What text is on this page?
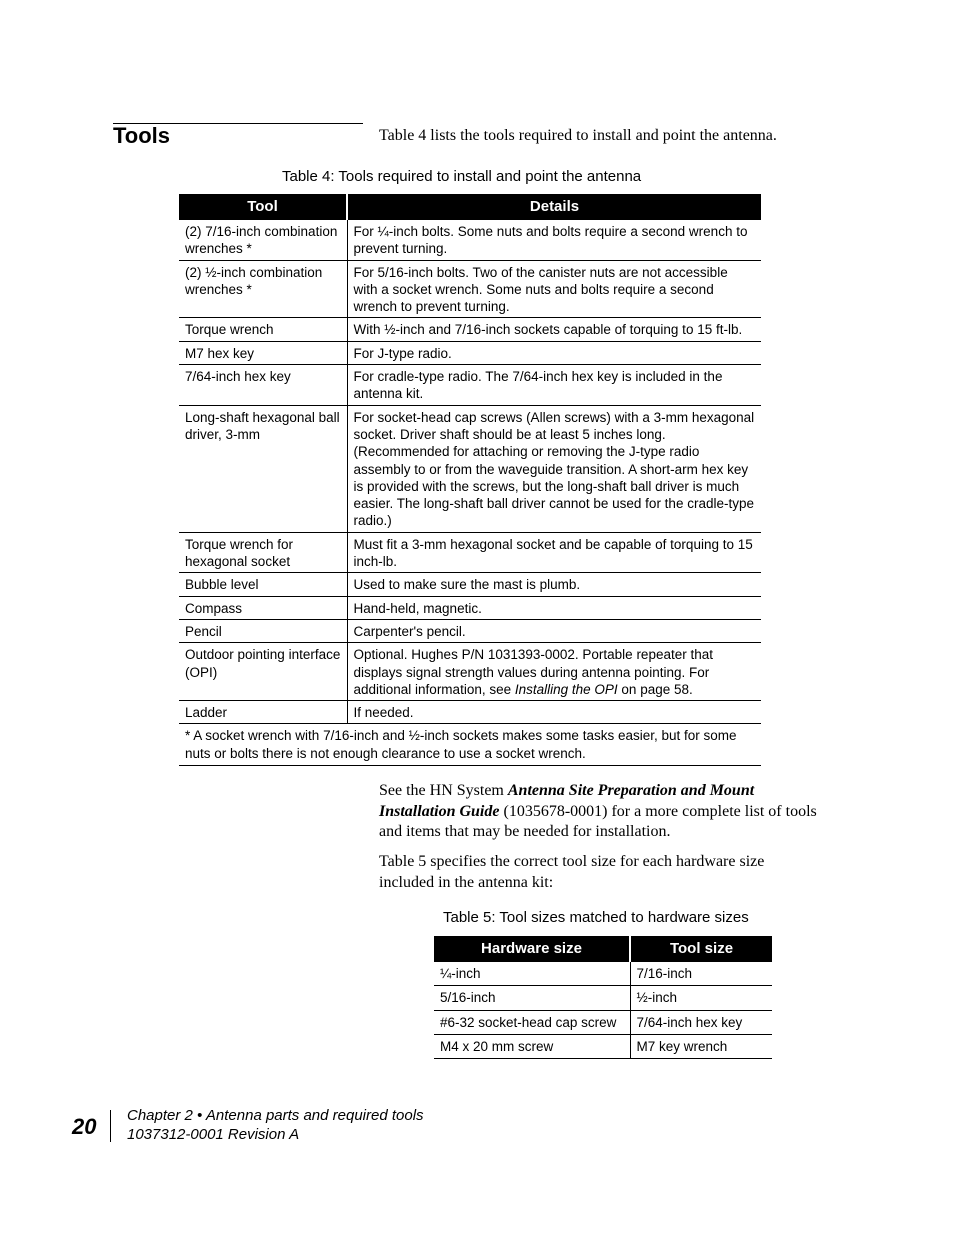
Tools	Table 4 lists the tools required to install and point the antenna.

Table 4: Tools required to install and point the antenna

Tool	Details
(2) 7/16-inch combination wrenches *	For ¼-inch bolts. Some nuts and bolts require a second wrench to prevent turning.
(2) ½-inch combination wrenches *	For 5/16-inch bolts. Two of the canister nuts are not accessible with a socket wrench. Some nuts and bolts require a second wrench to prevent turning.
Torque wrench	With ½-inch and 7/16-inch sockets capable of torquing to 15 ft-lb.
M7 hex key	For J-type radio.
7/64-inch hex key	For cradle-type radio. The 7/64-inch hex key is included in the antenna kit.
Long-shaft hexagonal ball driver, 3-mm	For socket-head cap screws (Allen screws) with a 3-mm hexagonal socket. Driver shaft should be at least 5 inches long. (Recommended for attaching or removing the J-type radio assembly to or from the waveguide transition. A short-arm hex key is provided with the screws, but the long-shaft ball driver is much easier. The long-shaft ball driver cannot be used for the cradle-type radio.)
Torque wrench for hexagonal socket	Must fit a 3-mm hexagonal socket and be capable of torquing to 15 inch-lb.
Bubble level	Used to make sure the mast is plumb.
Compass	Hand-held, magnetic.
Pencil	Carpenter's pencil.
Outdoor pointing interface (OPI)	Optional. Hughes P/N 1031393-0002. Portable repeater that displays signal strength values during antenna pointing. For additional information, see Installing the OPI on page 58.
Ladder	If needed.
* A socket wrench with 7/16-inch and ½-inch sockets makes some tasks easier, but for some nuts or bolts there is not enough clearance to use a socket wrench.	

See the HN System Antenna Site Preparation and Mount Installation Guide (1035678-0001) for a more complete list of tools and items that may be needed for installation.

Table 5 specifies the correct tool size for each hardware size included in the antenna kit:

Table 5: Tool sizes matched to hardware sizes

Hardware size	Tool size
¼-inch	7/16-inch
5/16-inch	½-inch
#6-32 socket-head cap screw	7/64-inch hex key
M4 x 20 mm screw	M7 key wrench
20 Chapter 2 • Antenna parts and required tools
1037312-0001 Revision A
